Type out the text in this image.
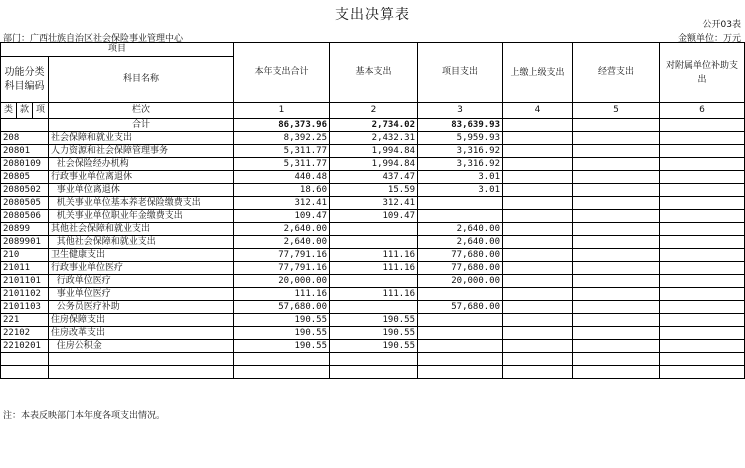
支出决算表
公开03表
部门：广西壮族自治区社会保险事业管理中心	金额单位：万元
项目				本年支出合计	基本支出	项目支出	上缴上级支出	经营支出	对附属单位补助支出
功能分类科目编码			科目名称						
类	款	项		1	2	3	4	5	6
			栏次						
			合计	86,373.96	2,734.02	83,639.93			
208			社会保障和就业支出	8,392.25	2,432.31	5,959.93			
20801			人力资源和社会保障管理事务	5,311.77	1,994.84	3,316.92			
2080109			社会保险经办机构	5,311.77	1,994.84	3,316.92			
20805			行政事业单位离退休	440.48	437.47	3.01			
2080502			事业单位离退休	18.60	15.59	3.01			
2080505			机关事业单位基本养老保险缴费支出	312.41	312.41				
2080506			机关事业单位职业年金缴费支出	109.47	109.47				
20899			其他社会保障和就业支出	2,640.00		2,640.00			
2089901			其他社会保障和就业支出	2,640.00		2,640.00			
210			卫生健康支出	77,791.16	111.16	77,680.00			
21011			行政事业单位医疗	77,791.16	111.16	77,680.00			
2101101			行政单位医疗	20,000.00		20,000.00			
2101102			事业单位医疗	111.16	111.16				
2101103			公务员医疗补助	57,680.00		57,680.00			
221			住房保障支出	190.55	190.55				
22102			住房改革支出	190.55	190.55				
2210201			住房公积金	190.55	190.55				

注：本表反映部门本年度各项支出情况。
